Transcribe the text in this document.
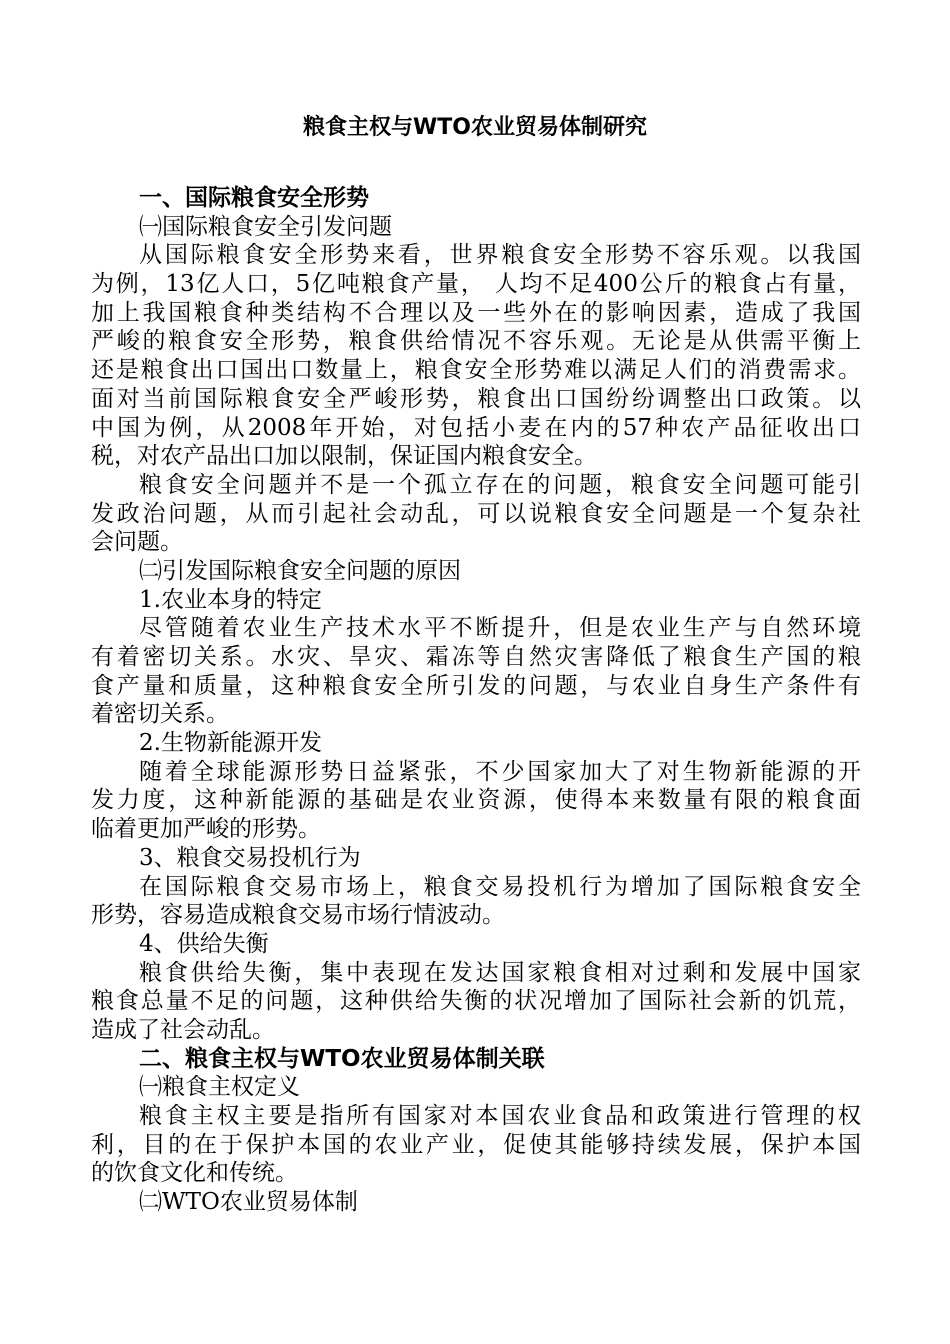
粮食主权与WTO农业贸易体制研究
一、国际粮食安全形势
㈠国际粮食安全引发问题
从国际粮食安全形势来看，世界粮食安全形势不容乐观。以我国
为例，13亿人口，5亿吨粮食产量， 人均不足400公斤的粮食占有量，
加上我国粮食种类结构不合理以及一些外在的影响因素，造成了我国
严峻的粮食安全形势，粮食供给情况不容乐观。无论是从供需平衡上
还是粮食出口国出口数量上，粮食安全形势难以满足人们的消费需求。
面对当前国际粮食安全严峻形势，粮食出口国纷纷调整出口政策。以
中国为例，从2008年开始，对包括小麦在内的57种农产品征收出口
税，对农产品出口加以限制，保证国内粮食安全。
粮食安全问题并不是一个孤立存在的问题，粮食安全问题可能引
发政治问题，从而引起社会动乱，可以说粮食安全问题是一个复杂社
会问题。
㈡引发国际粮食安全问题的原因
1.农业本身的特定
尽管随着农业生产技术水平不断提升，但是农业生产与自然环境
有着密切关系。水灾、旱灾、霜冻等自然灾害降低了粮食生产国的粮
食产量和质量，这种粮食安全所引发的问题，与农业自身生产条件有
着密切关系。
2.生物新能源开发
随着全球能源形势日益紧张，不少国家加大了对生物新能源的开
发力度，这种新能源的基础是农业资源，使得本来数量有限的粮食面
临着更加严峻的形势。
3、粮食交易投机行为
在国际粮食交易市场上，粮食交易投机行为增加了国际粮食安全
形势，容易造成粮食交易市场行情波动。
4、供给失衡
粮食供给失衡，集中表现在发达国家粮食相对过剩和发展中国家
粮食总量不足的问题，这种供给失衡的状况增加了国际社会新的饥荒，
造成了社会动乱。
二、粮食主权与WTO农业贸易体制关联
㈠粮食主权定义
粮食主权主要是指所有国家对本国农业食品和政策进行管理的权
利，目的在于保护本国的农业产业，促使其能够持续发展，保护本国
的饮食文化和传统。
㈡WTO农业贸易体制
